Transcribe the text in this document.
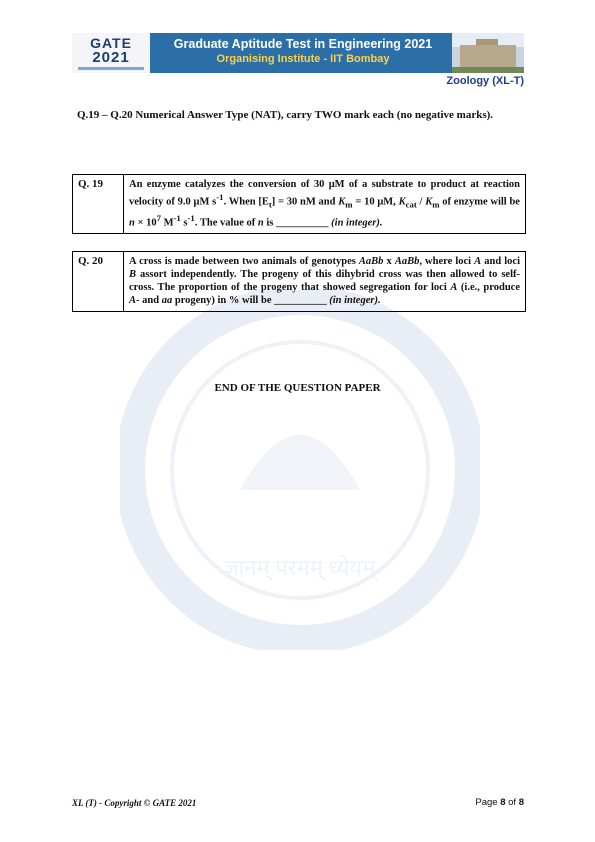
ज्ञानम् परमम् ध्येयम्
GATE
2021
Graduate Aptitude Test in Engineering 2021
Organising Institute - IIT Bombay
Zoology (XL-T)
Q.19 – Q.20 Numerical Answer Type (NAT), carry TWO mark each (no negative marks).
Q. 19	An enzyme catalyzes the conversion of 30 μM of a substrate to product at reaction velocity of 9.0 μM $s^{-1}$. When $[E_t] = 30$ nM and $K_m = 10$ μM, $K_{cat} / K_m$ of enzyme will be $n \times 10^7$ $M^{-1}$ $s^{-1}$. The value of n is __________ (in integer).
Q. 20	A cross is made between two animals of genotypes AaBb x AaBb, where loci A and loci B assort independently. The progeny of this dihybrid cross was then allowed to self-cross. The proportion of the progeny that showed segregation for loci A (i.e., produce A- and aa progeny) in % will be __________ (in integer).
END OF THE QUESTION PAPER
XL (T) - Copyright © GATE 2021	Page 8 of 8
